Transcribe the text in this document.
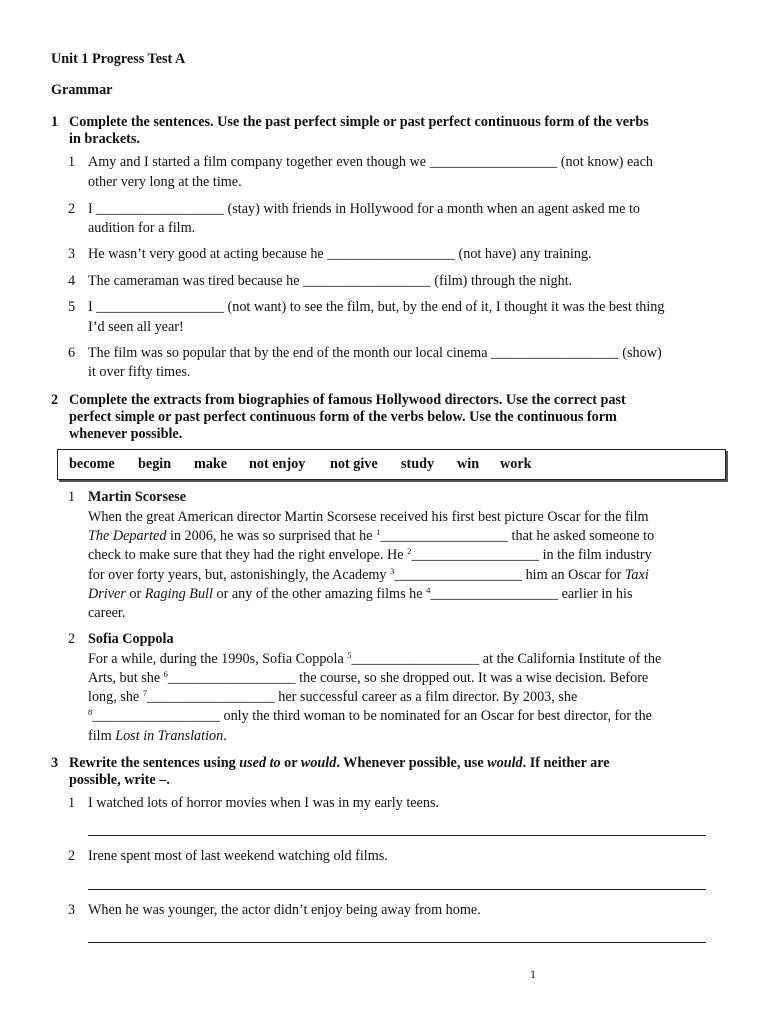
Unit 1 Progress Test A
Grammar
1 Complete the sentences. Use the past perfect simple or past perfect continuous form of the verbs
in brackets.
1 Amy and I started a film company together even though we __________________ (not know) each
other very long at the time.
2 I __________________ (stay) with friends in Hollywood for a month when an agent asked me to
audition for a film.
3 He wasn’t very good at acting because he __________________ (not have) any training.
4 The cameraman was tired because he __________________ (film) through the night.
5 I __________________ (not want) to see the film, but, by the end of it, I thought it was the best thing
I’d seen all year!
6 The film was so popular that by the end of the month our local cinema __________________ (show)
it over fifty times.
2 Complete the extracts from biographies of famous Hollywood directors. Use the correct past
perfect simple or past perfect continuous form of the verbs below. Use the continuous form
whenever possible.
become begin make not enjoy not give study win work
1 Martin Scorsese
When the great American director Martin Scorsese received his first best picture Oscar for the film
The Departed in 2006, he was so surprised that he $^1$__________________ that he asked someone to
check to make sure that they had the right envelope. He $^2$__________________ in the film industry
for over forty years, but, astonishingly, the Academy $^3$__________________ him an Oscar for Taxi
Driver or Raging Bull or any of the other amazing films he $^4$__________________ earlier in his
career.
2 Sofia Coppola
For a while, during the 1990s, Sofia Coppola $^5$__________________ at the California Institute of the
Arts, but she $^6$__________________ the course, so she dropped out. It was a wise decision. Before
long, she $^7$__________________ her successful career as a film director. By 2003, she
$^8$__________________ only the third woman to be nominated for an Oscar for best director, for the
film Lost in Translation.
3 Rewrite the sentences using used to or would. Whenever possible, use would. If neither are
possible, write –.
1 I watched lots of horror movies when I was in my early teens.
2 Irene spent most of last weekend watching old films.
3 When he was younger, the actor didn’t enjoy being away from home.
1
